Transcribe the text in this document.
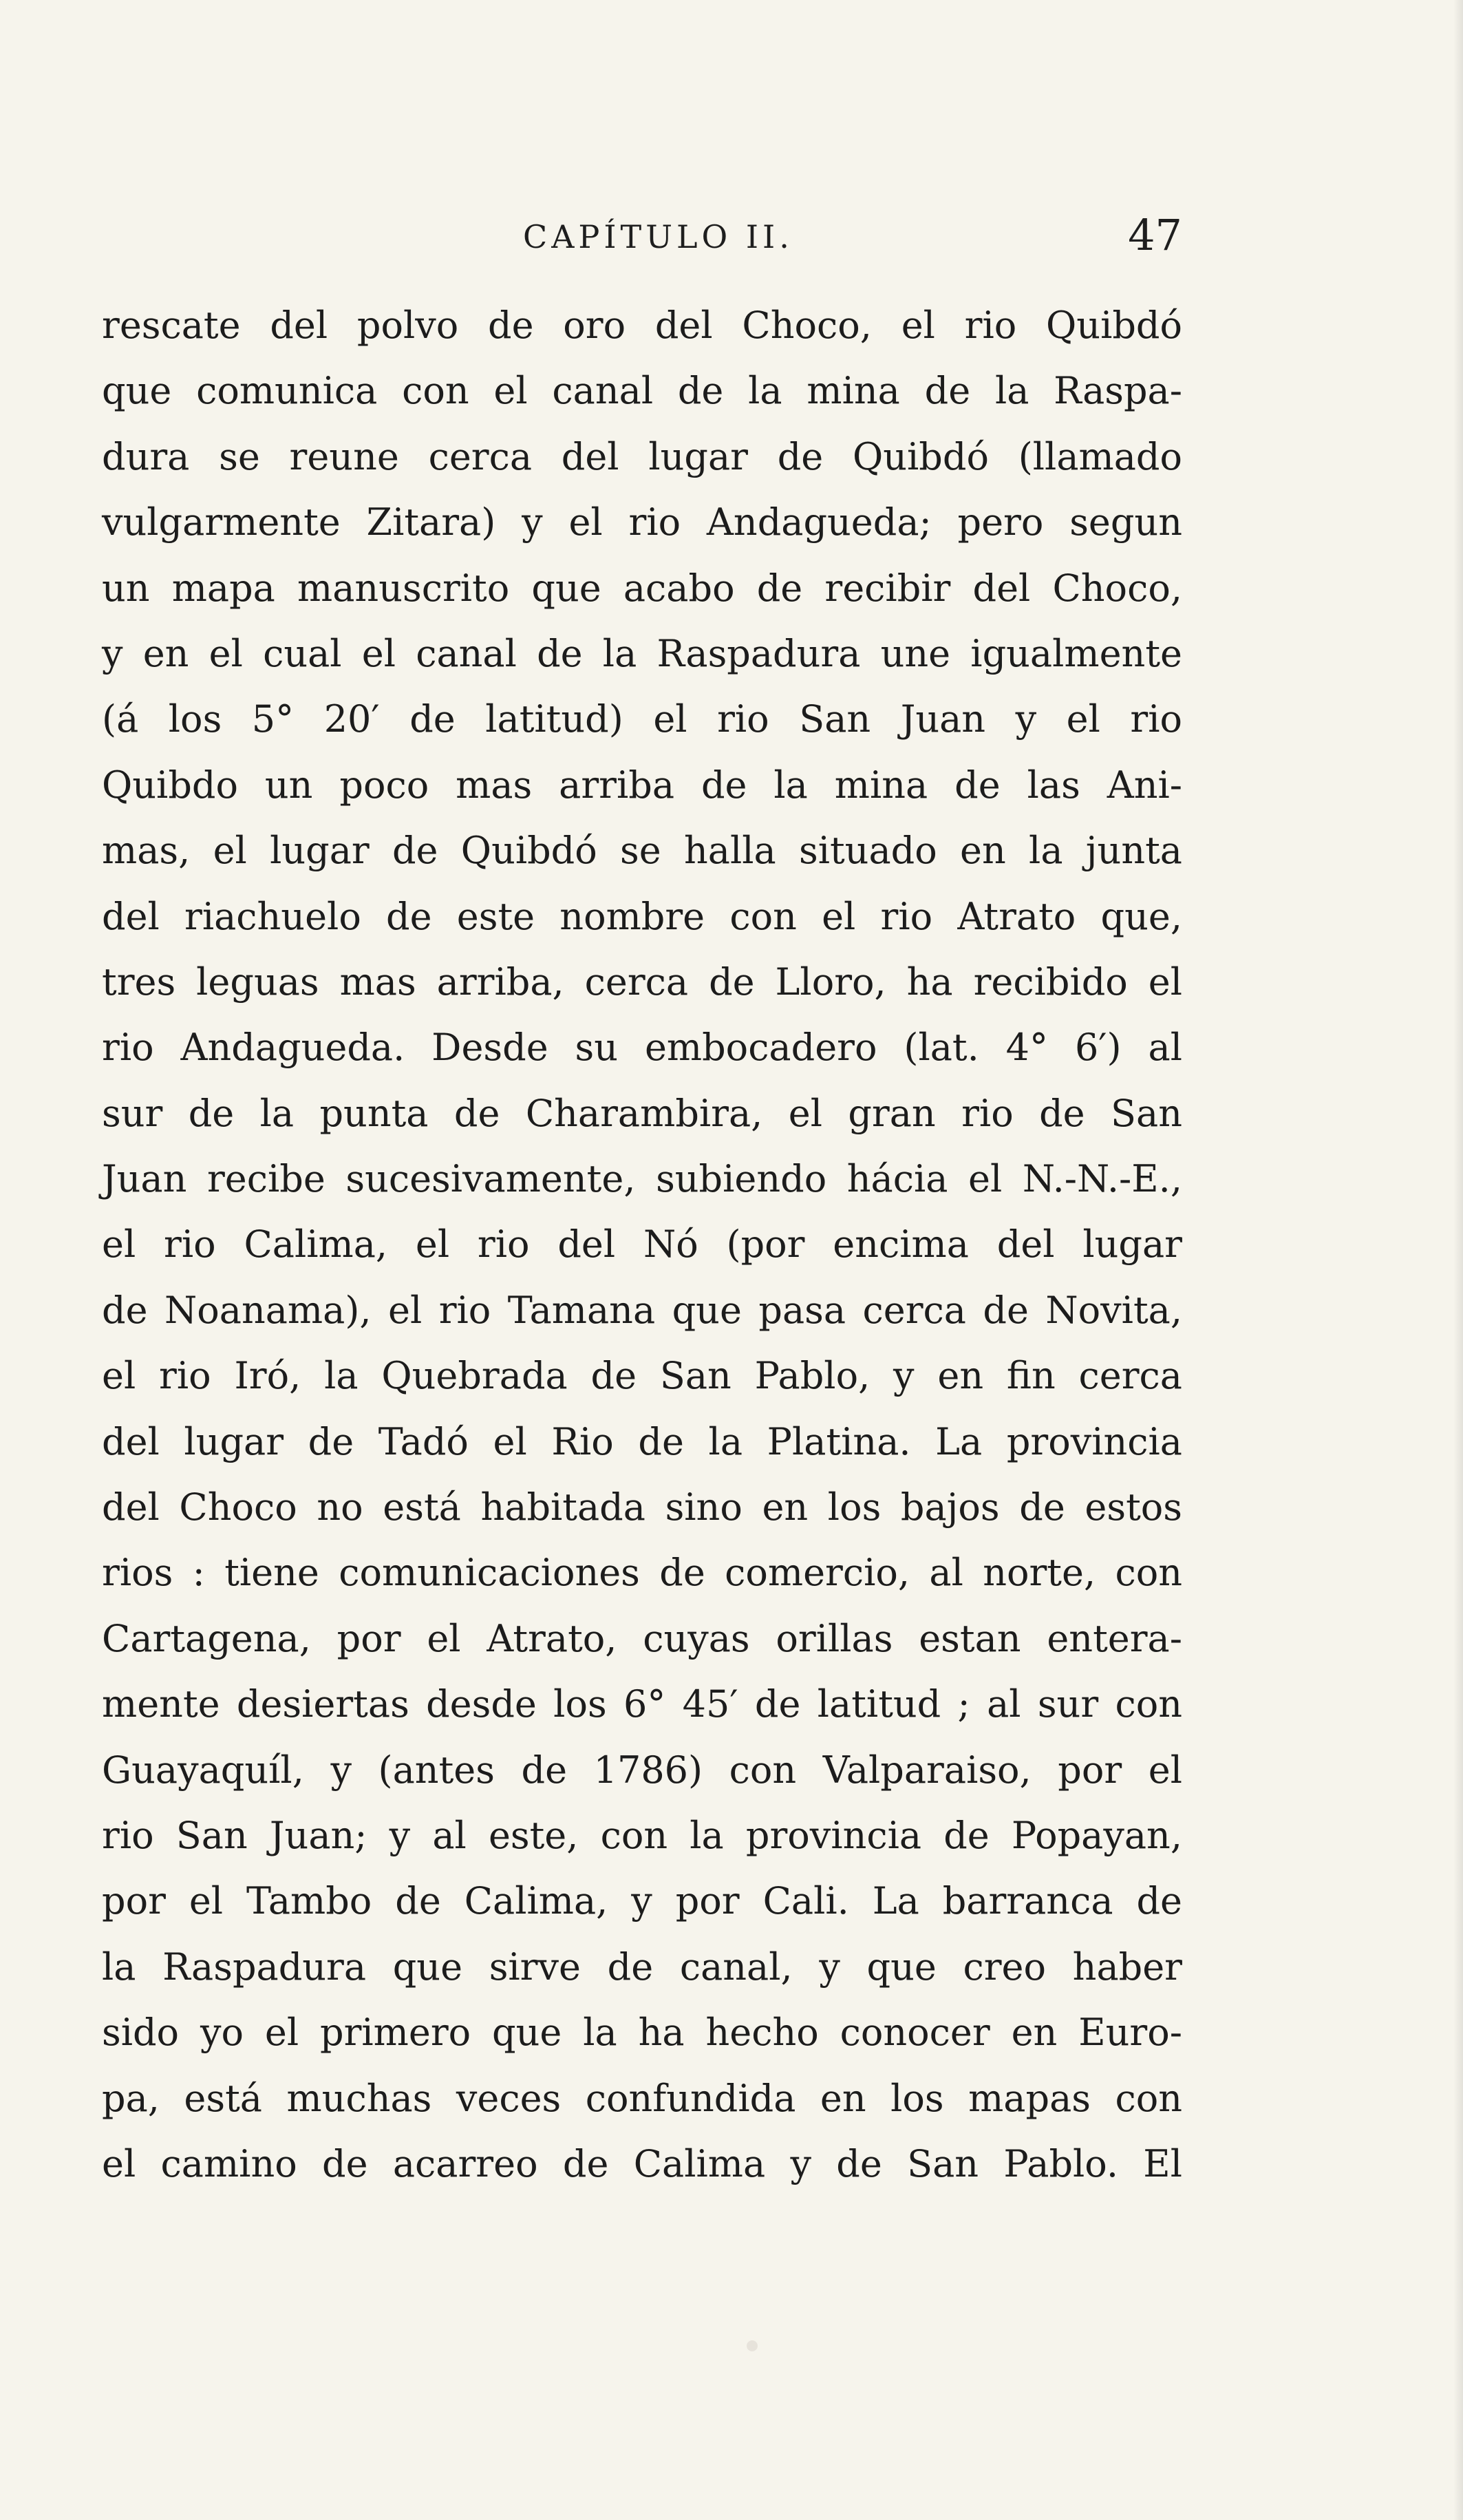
CAPÍTULO II.	47
rescate del polvo de oro del Choco, el rio Quibdó
que comunica con el canal de la mina de la Raspa-
dura se reune cerca del lugar de Quibdó (llamado
vulgarmente Zitara) y el rio Andagueda; pero segun
un mapa manuscrito que acabo de recibir del Choco,
y en el cual el canal de la Raspadura une igualmente
(á los 5° 20′ de latitud) el rio San Juan y el rio
Quibdo un poco mas arriba de la mina de las Ani-
mas, el lugar de Quibdó se halla situado en la junta
del riachuelo de este nombre con el rio Atrato que,
tres leguas mas arriba, cerca de Lloro, ha recibido el
rio Andagueda. Desde su embocadero (lat. 4° 6′) al
sur de la punta de Charambira, el gran rio de San
Juan recibe sucesivamente, subiendo hácia el N.-N.-E.,
el rio Calima, el rio del Nó (por encima del lugar
de Noanama), el rio Tamana que pasa cerca de Novita,
el rio Iró, la Quebrada de San Pablo, y en fin cerca
del lugar de Tadó el Rio de la Platina. La provincia
del Choco no está habitada sino en los bajos de estos
rios : tiene comunicaciones de comercio, al norte, con
Cartagena, por el Atrato, cuyas orillas estan entera-
mente desiertas desde los 6° 45′ de latitud ; al sur con
Guayaquíl, y (antes de 1786) con Valparaiso, por el
rio San Juan; y al este, con la provincia de Popayan,
por el Tambo de Calima, y por Cali. La barranca de
la Raspadura que sirve de canal, y que creo haber
sido yo el primero que la ha hecho conocer en Euro-
pa, está muchas veces confundida en los mapas con
el camino de acarreo de Calima y de San Pablo. El
